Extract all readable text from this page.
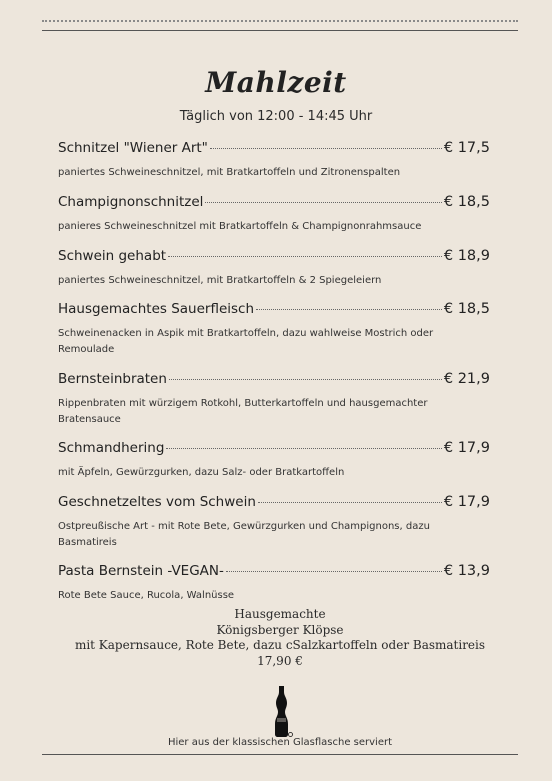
Mahlzeit
Täglich von 12:00 - 14:45 Uhr
Schnitzel "Wiener Art"	€ 17,5
paniertes Schweineschnitzel, mit Bratkartoffeln und Zitronenspalten
Champignonschnitzel	€ 18,5
panieres Schweineschnitzel mit Bratkartoffeln & Champignonrahmsauce
Schwein gehabt	€ 18,9
paniertes Schweineschnitzel, mit Bratkartoffeln & 2 Spiegeleiern
Hausgemachtes Sauerfleisch	€ 18,5
Schweinenacken in Aspik mit Bratkartoffeln, dazu wahlweise Mostrich oder Remoulade
Bernsteinbraten	€ 21,9
Rippenbraten mit würzigem Rotkohl, Butterkartoffeln und hausgemachter Bratensauce
Schmandhering	€ 17,9
mit Äpfeln, Gewürzgurken, dazu Salz- oder Bratkartoffeln
Geschnetzeltes vom Schwein	€ 17,9
Ostpreußische Art - mit Rote Bete, Gewürzgurken und Champignons, dazu Basmatireis
Pasta Bernstein -VEGAN-	€ 13,9
Rote Bete Sauce, Rucola, Walnüsse
Hausgemachte
Königsberger Klöpse
mit Kapernsauce, Rote Bete, dazu cSalzkartoffeln oder Basmatireis
17,90 €
Hier aus der klassischen Glasflasche serviert
